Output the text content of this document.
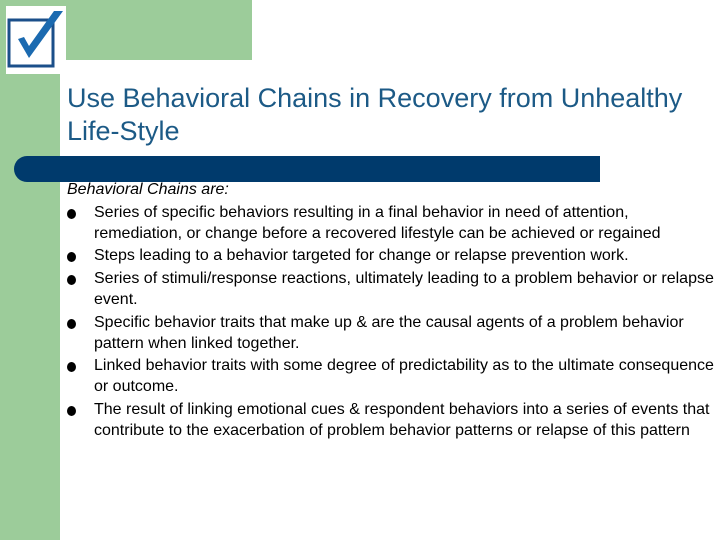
Use Behavioral Chains in Recovery from Unhealthy Life-Style

Behavioral Chains are:

Series of specific behaviors resulting in a final behavior in need of attention, remediation, or change before a recovered lifestyle can be achieved or regained
Steps leading to a behavior targeted for change or relapse prevention work.
Series of stimuli/response reactions, ultimately leading to a problem behavior or relapse event.
Specific behavior traits that make up & are the causal agents of a problem behavior pattern when linked together.
Linked behavior traits with some degree of predictability as to the ultimate consequence or outcome.
The result of linking emotional cues & respondent behaviors into a series of events that contribute to the exacerbation of problem behavior patterns or relapse of this pattern
